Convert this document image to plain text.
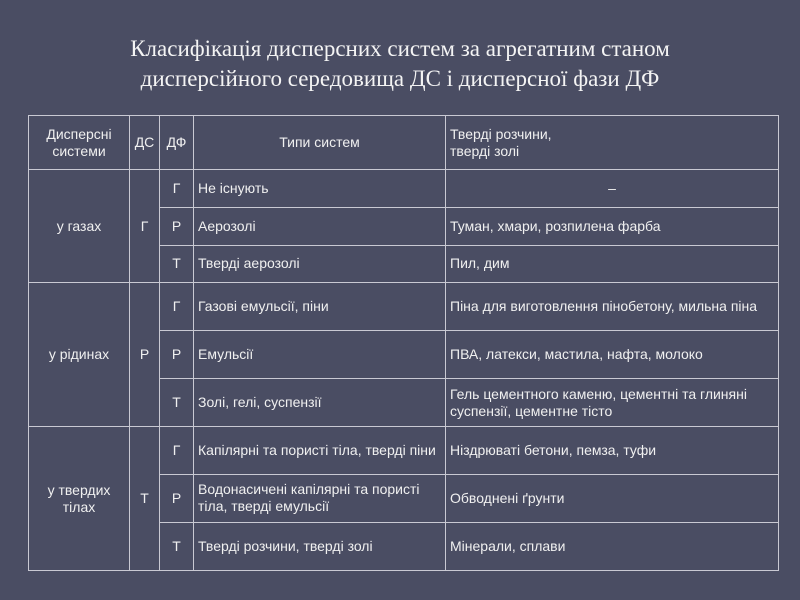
Класифікація дисперсних систем за агрегатним станом
дисперсійного середовища ДС і дисперсної фази ДФ
Дисперсні системи	ДС	ДФ	Типи систем	Тверді розчини,
тверді золі
у газах	Г	Г	Не існують	–
		Р	Аерозолі	Туман, хмари, розпилена фарба
		Т	Тверді аерозолі	Пил, дим
у рідинах	Р	Г	Газові емульсії, піни	Піна для виготовлення пінобетону, мильна піна
		Р	Емульсії	ПВА, латекси, мастила, нафта, молоко
		Т	Золі, гелі, суспензії	Гель цементного каменю, цементні та глиняні суспензії, цементне тісто
у твердих тілах	Т	Г	Капілярні та пористі тіла, тверді піни	Ніздрюваті бетони, пемза, туфи
		Р	Водонасичені капілярні та пористі тіла, тверді емульсії	Обводнені ґрунти
		Т	Тверді розчини, тверді золі	Мінерали, сплави
